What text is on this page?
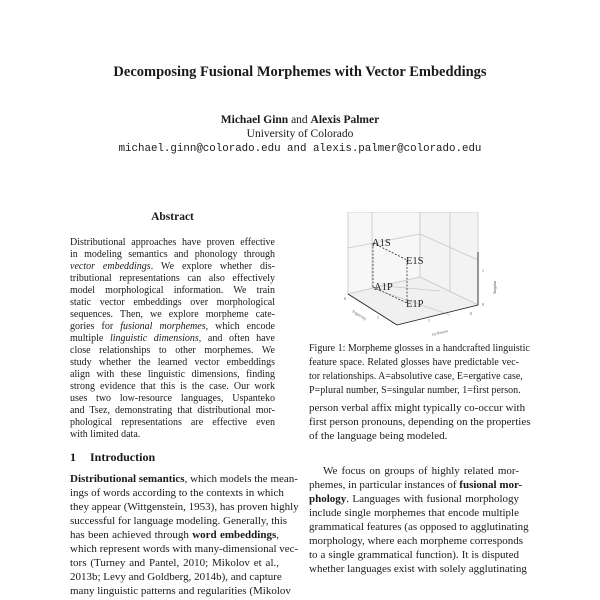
Decomposing Fusional Morphemes with Vector Embeddings
Michael Ginn and Alexis Palmer
University of Colorado
michael.ginn@colorado.edu and alexis.palmer@colorado.edu
Abstract
Distributional approaches have proven effective
in modeling semantics and phonology through
vector embeddings. We explore whether dis-
tributional representations can also effectively
model morphological information. We train
static vector embeddings over morphological
sequences. Then, we explore morpheme cate-
gories for fusional morphemes, which encode
multiple linguistic dimensions, and often have
close relationships to other morphemes. We
study whether the learned vector embeddings
align with these linguistic dimensions, finding
strong evidence that this is the case. Our work
uses two low-resource languages, Uspanteko
and Tsez, demonstrating that distributional mor-
phological representations are effective even
with limited data.
1 Introduction
Distributional semantics, which models the mean-
ings of words according to the contexts in which
they appear (Wittgenstein, 1953), has proven highly
successful for language modeling. Generally, this
has been achieved through word embeddings,
which represent words with many-dimensional vec-
tors (Turney and Pantel, 2010; Mikolov et al.,
2013b; Levy and Goldberg, 2014b), and capture
many linguistic patterns and regularities (Mikolov
A1S
E1S
A1P
E1P
0
1
0
1
0
1
Ergativity
1st Person
Singular
Figure 1: Morpheme glosses in a handcrafted linguistic
feature space. Related glosses have predictable vec-
tor relationships. A=absolutive case, E=ergative case,
P=plural number, S=singular number, 1=first person.
person verbal affix might typically co-occur with
first person pronouns, depending on the properties
of the language being modeled.
We focus on groups of highly related mor-
phemes, in particular instances of fusional mor-
phology. Languages with fusional morphology
include single morphemes that encode multiple
grammatical features (as opposed to agglutinating
morphology, where each morpheme corresponds
to a single grammatical function). It is disputed
whether languages exist with solely agglutinating
